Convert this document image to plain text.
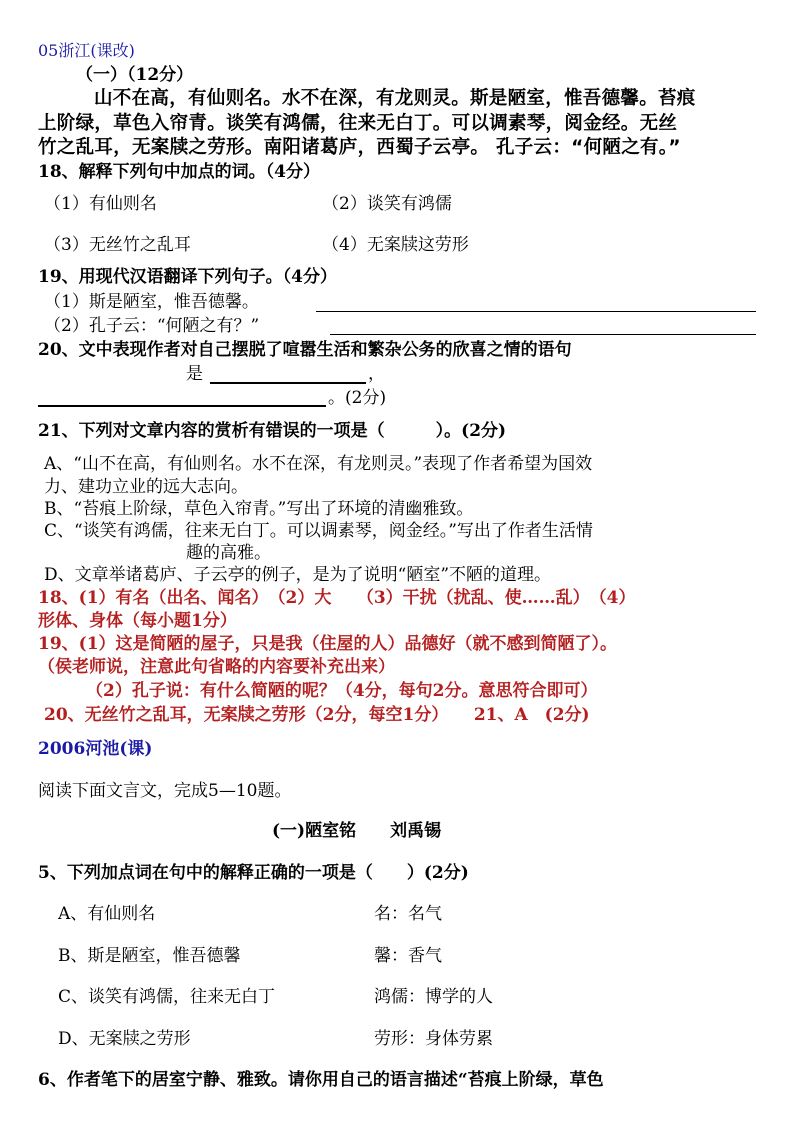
05浙江(课改)
（一）（12分）
山不在高，有仙则名。水不在深，有龙则灵。斯是陋室，惟吾德馨。苔痕
上阶绿，草色入帘青。谈笑有鸿儒，往来无白丁。可以调素琴，阅金经。无丝
竹之乱耳，无案牍之劳形。南阳诸葛庐，西蜀子云亭。 孔子云：“何陋之有。”
18、解释下列句中加点的词。（4分）
（1）有仙则名	（2）谈笑有鸿儒
（3）无丝竹之乱耳	（4）无案牍这劳形
19、用现代汉语翻译下列句子。（4分）
（1）斯是陋室，惟吾德馨。
（2）孔子云：“何陋之有？”
20、文中表现作者对自己摆脱了喧嚣生活和繁杂公务的欣喜之情的语句
是	，
。(2分)
21、下列对文章内容的赏析有错误的一项是（　　　）。(2分)
A、“山不在高，有仙则名。水不在深，有龙则灵。”表现了作者希望为国效
力、建功立业的远大志向。
B、“苔痕上阶绿，草色入帘青。”写出了环境的清幽雅致。
C、“谈笑有鸿儒，往来无白丁。可以调素琴，阅金经。”写出了作者生活情
趣的高雅。
D、文章举诸葛庐、子云亭的例子，是为了说明“陋室”不陋的道理。
18、(1）有名（出名、闻名）　（2）大　　（3）干扰（扰乱、使……乱）　（4）
形体、身体（每小题1分）
19、(1）这是简陋的屋子，只是我（住屋的人）品德好（就不感到简陋了）。
（侯老师说，注意此句省略的内容要补充出来）
（2）孔子说：有什么简陋的呢？（4分，每句2分。意思符合即可）
20、无丝竹之乱耳，无案牍之劳形（2分，每空1分）　　21、A　(2分)
2006河池(课)
阅读下面文言文，完成5—10题。
(一)陋室铭　　刘禹锡
5、下列加点词在句中的解释正确的一项是（　　）(2分)
A、有仙则名	名：名气
B、斯是陋室，惟吾德馨	馨：香气
C、谈笑有鸿儒，往来无白丁	鸿儒：博学的人
D、无案牍之劳形	劳形：身体劳累
6、作者笔下的居室宁静、雅致。请你用自己的语言描述“苔痕上阶绿，草色
